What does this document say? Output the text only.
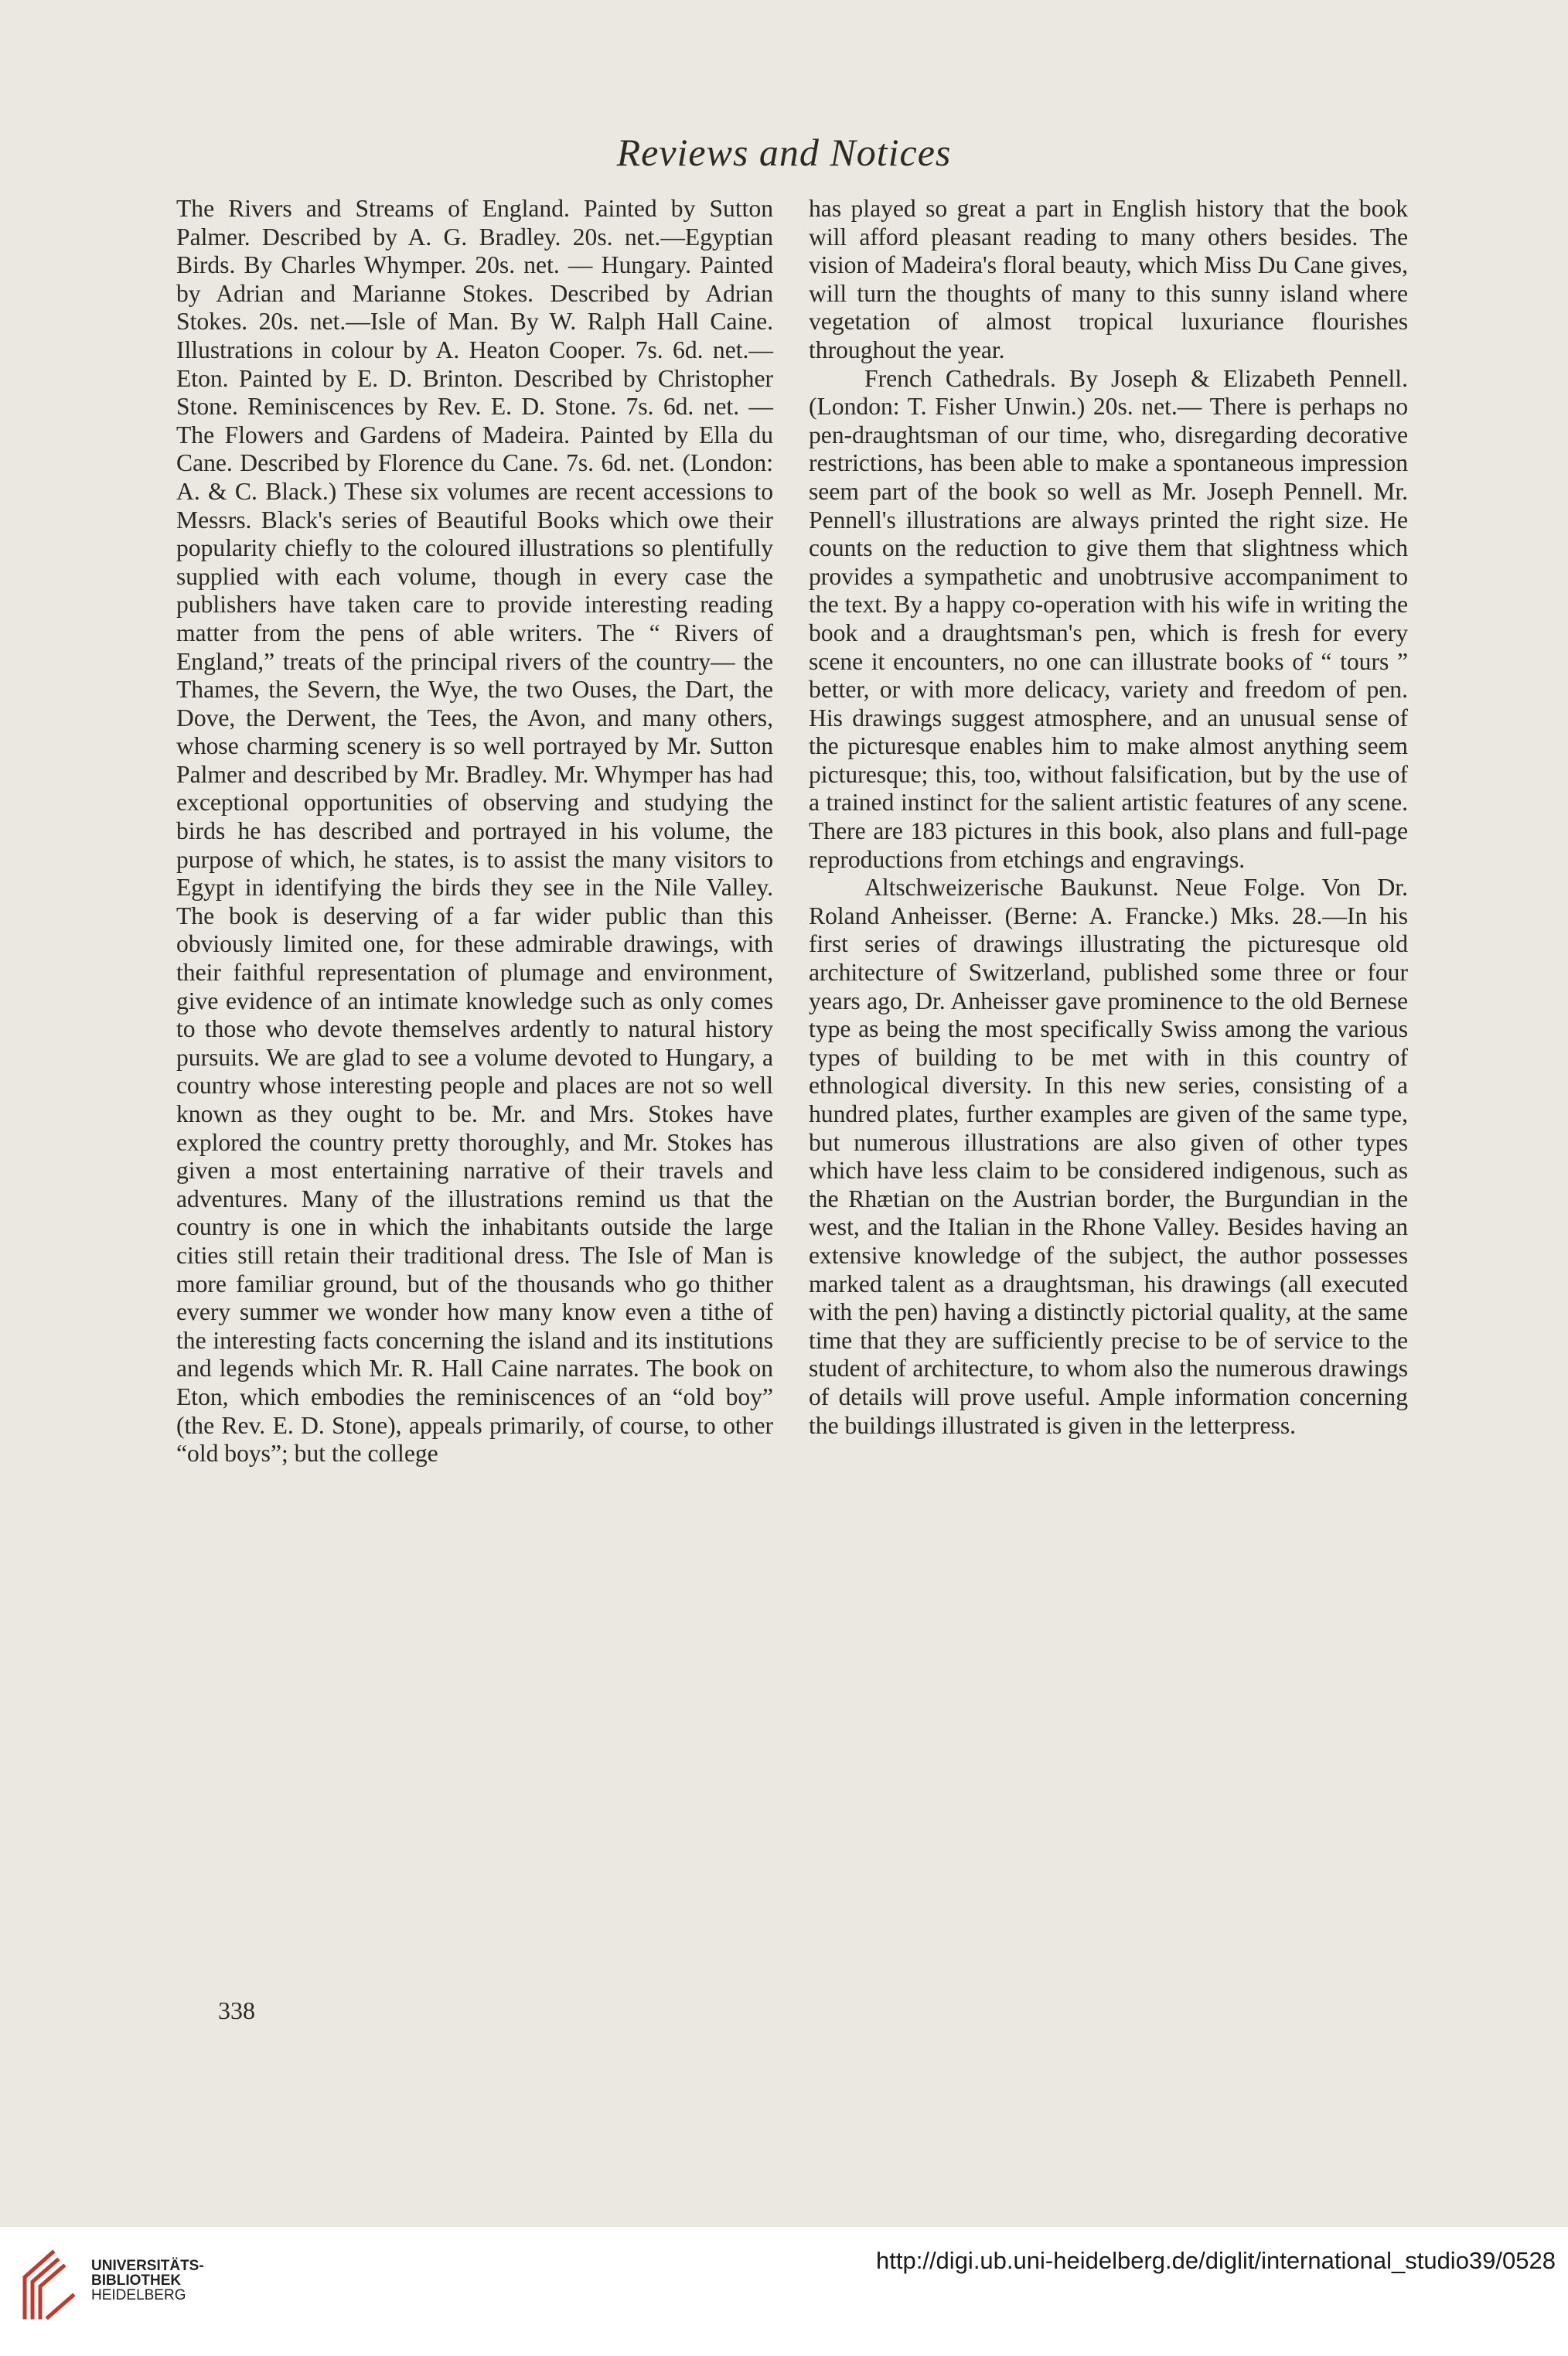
Reviews and Notices

The Rivers and Streams of England. Painted by Sutton Palmer. Described by A. G. Bradley. 20s. net.—Egyptian Birds. By Charles Whymper. 20s. net. — Hungary. Painted by Adrian and Marianne Stokes. Described by Adrian Stokes. 20s. net.—Isle of Man. By W. Ralph Hall Caine. Illustrations in colour by A. Heaton Cooper. 7s. 6d. net.—Eton. Painted by E. D. Brinton. Described by Christopher Stone. Reminiscences by Rev. E. D. Stone. 7s. 6d. net. — The Flowers and Gardens of Madeira. Painted by Ella du Cane. Described by Florence du Cane. 7s. 6d. net. (London: A. & C. Black.) These six volumes are recent accessions to Messrs. Black's series of Beautiful Books which owe their popularity chiefly to the coloured illustrations so plentifully supplied with each volume, though in every case the publishers have taken care to provide interesting reading matter from the pens of able writers. The “ Rivers of England,” treats of the principal rivers of the country— the Thames, the Severn, the Wye, the two Ouses, the Dart, the Dove, the Derwent, the Tees, the Avon, and many others, whose charming scenery is so well portrayed by Mr. Sutton Palmer and described by Mr. Bradley. Mr. Whymper has had exceptional opportunities of observing and studying the birds he has described and portrayed in his volume, the purpose of which, he states, is to assist the many visitors to Egypt in identifying the birds they see in the Nile Valley. The book is deserving of a far wider public than this obviously limited one, for these admirable drawings, with their faithful representation of plumage and environment, give evidence of an intimate knowledge such as only comes to those who devote themselves ardently to natural history pursuits. We are glad to see a volume devoted to Hungary, a country whose interesting people and places are not so well known as they ought to be. Mr. and Mrs. Stokes have explored the country pretty thoroughly, and Mr. Stokes has given a most entertaining narrative of their travels and adventures. Many of the illustrations remind us that the country is one in which the inhabitants outside the large cities still retain their traditional dress. The Isle of Man is more familiar ground, but of the thousands who go thither every summer we wonder how many know even a tithe of the interesting facts concerning the island and its institutions and legends which Mr. R. Hall Caine narrates. The book on Eton, which embodies the reminiscences of an “old boy” (the Rev. E. D. Stone), appeals primarily, of course, to other “old boys”; but the college

has played so great a part in English history that the book will afford pleasant reading to many others besides. The vision of Madeira's floral beauty, which Miss Du Cane gives, will turn the thoughts of many to this sunny island where vegetation of almost tropical luxuriance flourishes throughout the year.

French Cathedrals. By Joseph & Elizabeth Pennell. (London: T. Fisher Unwin.) 20s. net.— There is perhaps no pen-draughtsman of our time, who, disregarding decorative restrictions, has been able to make a spontaneous impression seem part of the book so well as Mr. Joseph Pennell. Mr. Pennell's illustrations are always printed the right size. He counts on the reduction to give them that slightness which provides a sympathetic and unobtrusive accompaniment to the text. By a happy co-operation with his wife in writing the book and a draughtsman's pen, which is fresh for every scene it encounters, no one can illustrate books of “ tours ” better, or with more delicacy, variety and freedom of pen. His drawings suggest atmosphere, and an unusual sense of the picturesque enables him to make almost anything seem picturesque; this, too, without falsification, but by the use of a trained instinct for the salient artistic features of any scene. There are 183 pictures in this book, also plans and full-page reproductions from etchings and engravings.

Altschweizerische Baukunst. Neue Folge. Von Dr. Roland Anheisser. (Berne: A. Francke.) Mks. 28.—In his first series of drawings illustrating the picturesque old architecture of Switzerland, published some three or four years ago, Dr. Anheisser gave prominence to the old Bernese type as being the most specifically Swiss among the various types of building to be met with in this country of ethnological diversity. In this new series, consisting of a hundred plates, further examples are given of the same type, but numerous illustrations are also given of other types which have less claim to be considered indigenous, such as the Rhætian on the Austrian border, the Burgundian in the west, and the Italian in the Rhone Valley. Besides having an extensive knowledge of the subject, the author possesses marked talent as a draughtsman, his drawings (all executed with the pen) having a distinctly pictorial quality, at the same time that they are sufficiently precise to be of service to the student of architecture, to whom also the numerous drawings of details will prove useful. Ample information concerning the buildings illustrated is given in the letterpress.

338
UNIVERSITÄTS-
BIBLIOTHEK
HEIDELBERG
http://digi.ub.uni-heidelberg.de/diglit/international_studio39/0528
